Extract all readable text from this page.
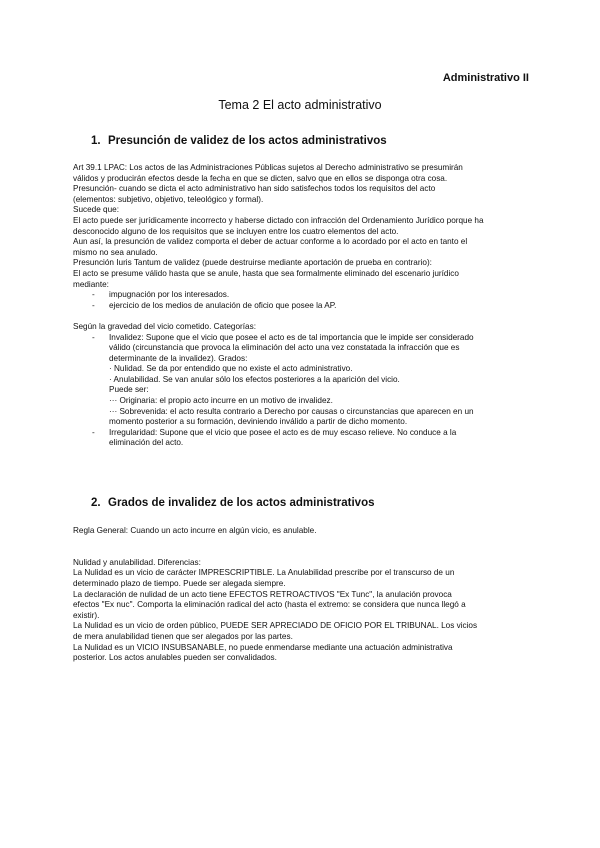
Administrativo II
Tema 2 El acto administrativo
1. Presunción de validez de los actos administrativos

Art 39.1 LPAC: Los actos de las Administraciones Públicas sujetos al Derecho administrativo se presumirán

válidos y producirán efectos desde la fecha en que se dicten, salvo que en ellos se disponga otra cosa.

Presunción- cuando se dicta el acto administrativo han sido satisfechos todos los requisitos del acto

(elementos: subjetivo, objetivo, teleológico y formal).

Sucede que:

El acto puede ser jurídicamente incorrecto y haberse dictado con infracción del Ordenamiento Jurídico porque ha

desconocido alguno de los requisitos que se incluyen entre los cuatro elementos del acto.

Aun así, la presunción de validez comporta el deber de actuar conforme a lo acordado por el acto en tanto el

mismo no sea anulado.

Presunción Iuris Tantum de validez (puede destruirse mediante aportación de prueba en contrario):

El acto se presume válido hasta que se anule, hasta que sea formalmente eliminado del escenario jurídico

mediante:

- impugnación por los interesados.

- ejercicio de los medios de anulación de oficio que posee la AP.

Según la gravedad del vicio cometido. Categorías:

- Invalidez: Supone que el vicio que posee el acto es de tal importancia que le impide ser considerado

válido (circunstancia que provoca la eliminación del acto una vez constatada la infracción que es

determinante de la invalidez). Grados:

· Nulidad. Se da por entendido que no existe el acto administrativo.

· Anulabilidad. Se van anular sólo los efectos posteriores a la aparición del vicio.

Puede ser:

··· Originaria: el propio acto incurre en un motivo de invalidez.

··· Sobrevenida: el acto resulta contrario a Derecho por causas o circunstancias que aparecen en un

momento posterior a su formación, deviniendo inválido a partir de dicho momento.

- Irregularidad: Supone que el vicio que posee el acto es de muy escaso relieve. No conduce a la

eliminación del acto.

2. Grados de invalidez de los actos administrativos

Regla General: Cuando un acto incurre en algún vicio, es anulable.

Nulidad y anulabilidad. Diferencias:

La Nulidad es un vicio de carácter IMPRESCRIPTIBLE. La Anulabilidad prescribe por el transcurso de un

determinado plazo de tiempo. Puede ser alegada siempre.

La declaración de nulidad de un acto tiene EFECTOS RETROACTIVOS "Ex Tunc", la anulación provoca

efectos "Ex nuc". Comporta la eliminación radical del acto (hasta el extremo: se considera que nunca llegó a

existir).

La Nulidad es un vicio de orden público, PUEDE SER APRECIADO DE OFICIO POR EL TRIBUNAL. Los vicios

de mera anulabilidad tienen que ser alegados por las partes.

La Nulidad es un VICIO INSUBSANABLE, no puede enmendarse mediante una actuación administrativa

posterior. Los actos anulables pueden ser convalidados.
